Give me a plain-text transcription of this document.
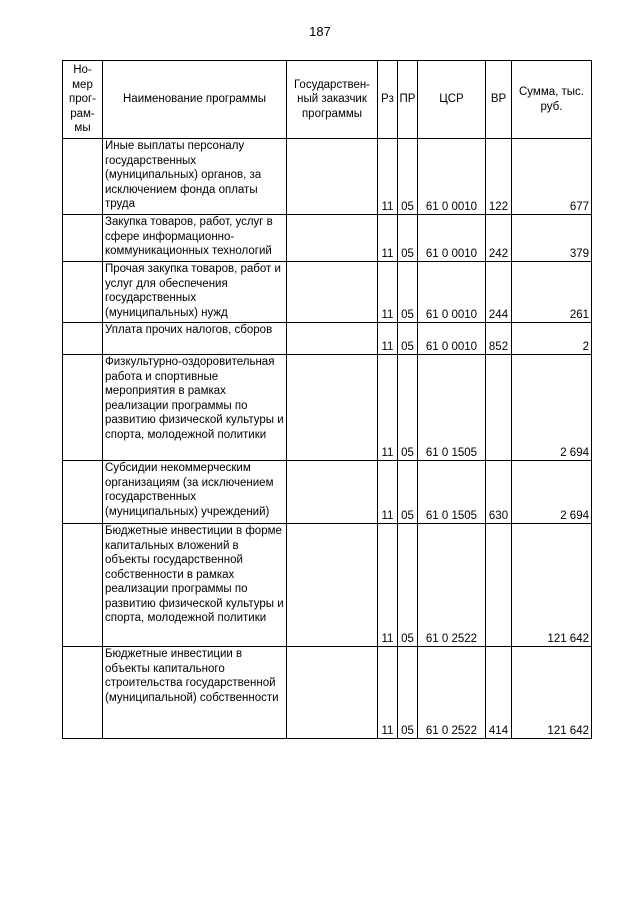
187
Но-мер прог-рам-мы	Наименование программы	Государствен-ный заказчик программы	Рз	ПР	ЦСР	ВР	Сумма, тыс. руб.
	Иные выплаты персоналу государственных (муниципальных) органов, за исключением фонда оплаты труда		11	05	61 0 0010	122	677
	Закупка товаров, работ, услуг в сфере информационно-коммуникационных технологий		11	05	61 0 0010	242	379
	Прочая закупка товаров, работ и услуг для обеспечения государственных (муниципальных) нужд		11	05	61 0 0010	244	261
	Уплата прочих налогов, сборов		11	05	61 0 0010	852	2
	Физкультурно-оздоровительная работа и спортивные мероприятия в рамках реализации программы по развитию физической культуры и спорта, молодежной политики		11	05	61 0 1505		2 694
	Субсидии некоммерческим организациям (за исключением государственных (муниципальных) учреждений)		11	05	61 0 1505	630	2 694
	Бюджетные инвестиции в форме капитальных вложений в объекты государственной собственности в рамках реализации программы по развитию физической культуры и спорта, молодежной политики		11	05	61 0 2522		121 642
	Бюджетные инвестиции в объекты капитального строительства государственной (муниципальной) собственности		11	05	61 0 2522	414	121 642
